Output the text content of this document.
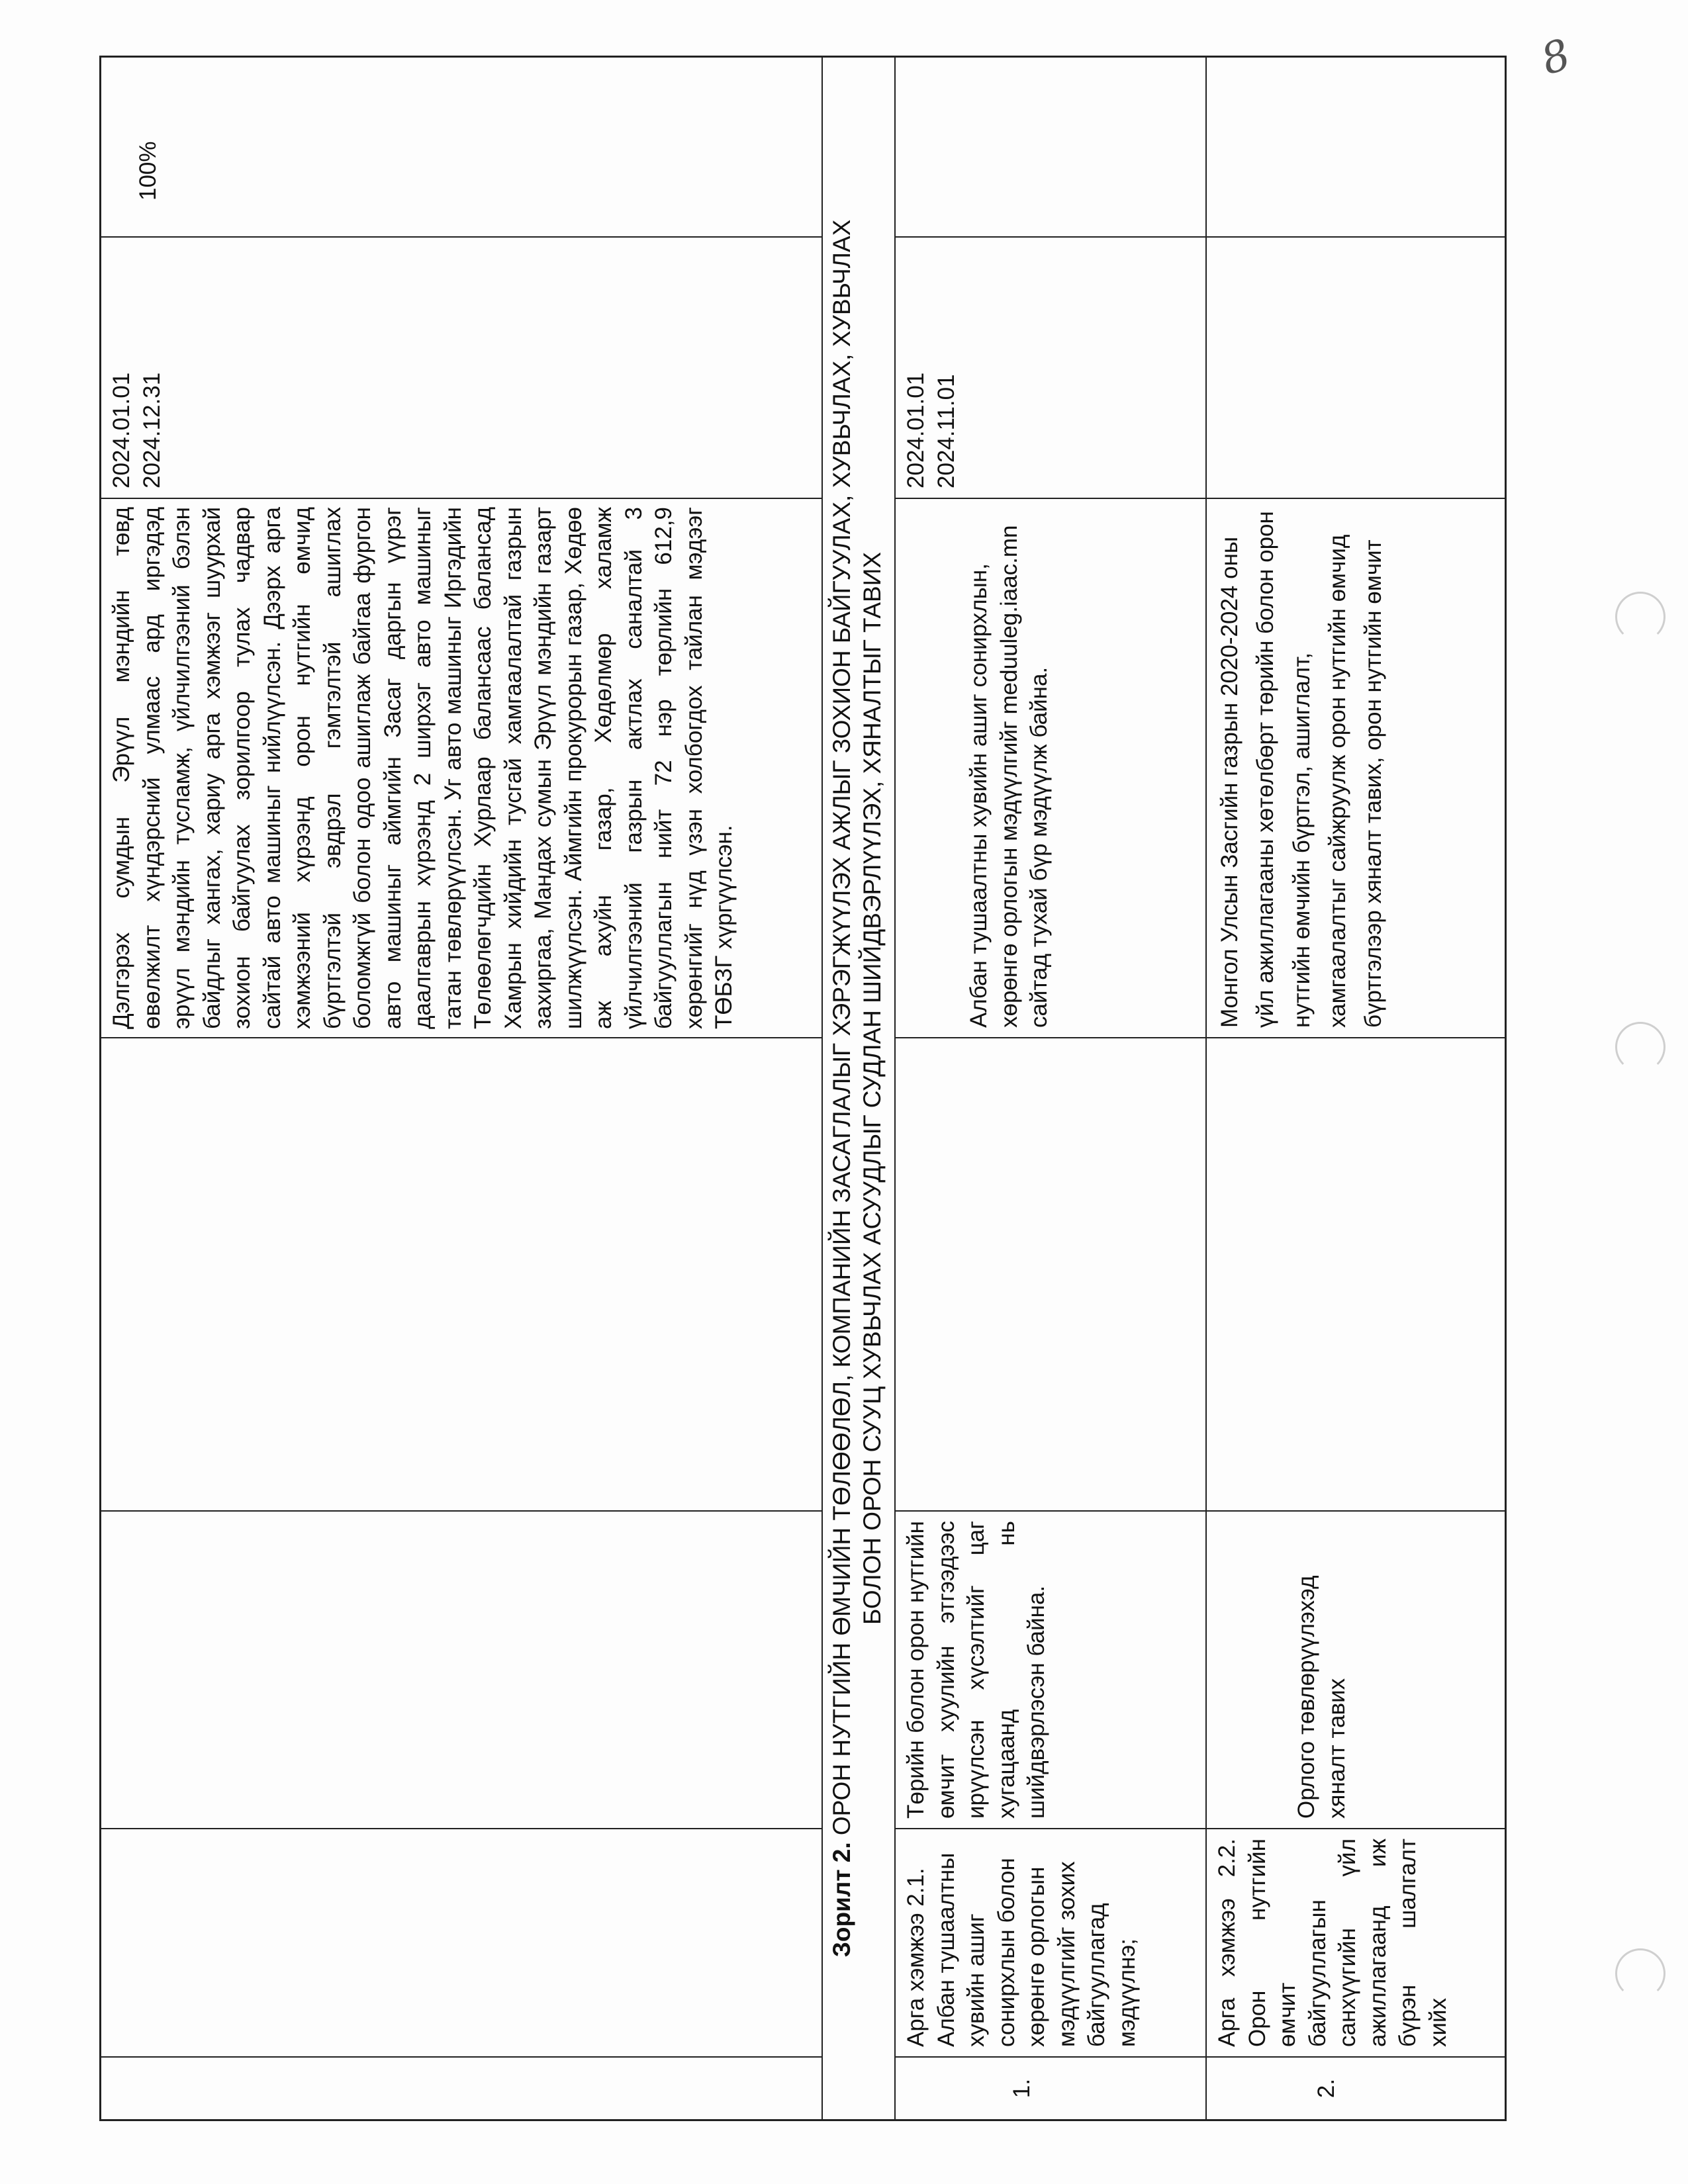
8
Дэлгэрэх сумдын Эрүүл мэндийн төвд өвөлжилт хүндэрсний улмаас ард иргэдэд эрүүл мэндийн тусламж, үйлчилгээний бэлэн байдлыг хангах, хариу арга хэмжээг шуурхай зохион байгуулах зорилгоор тулах чадвар сайтай авто машиныг нийлүүлсэн. Дээрх арга хэмжээний хүрээнд орон нутгийн өмчид бүртгэлтэй эвдрэл гэмтэлтэй ашиглах боломжгүй болон одоо ашиглаж байгаа фургон авто машиныг аймгийн Засаг даргын үүрэг даалгаврын хүрээнд 2 ширхэг авто машиныг татан төвлөрүүлсэн. Уг авто машиныг Иргэдийн Төлөөлөгчдийн Хурлаар балансаас балансад Хамрын хийдийн тусгай хамгаалалтай газрын захиргаа, Мандах сумын Эрүүл мэндийн газарт шилжүүлсэн. Аймгийн прокурорын газар, Хөдөө аж ахуйн газар, Хөдөлмөр халамж үйлчилгээний газрын актлах саналтай 3 байгууллагын нийт 72 нэр төрлийн 612,9 хөрөнгийг нүд үзэн холбогдох тайлан мэдээг ТӨБЗГ хүргүүлсэн.
2024.01.01 2024.12.31
100%
Зорилт 2. ОРОН НУТГИЙН ӨМЧИЙН ТӨЛӨӨЛӨЛ, КОМПАНИЙН ЗАСАГЛАЛЫГ ХЭРЭГЖҮҮЛЭХ АЖЛЫГ ЗОХИОН БАЙГУУЛАХ, ХУВЬЧЛАХ, ХУВЬЧЛАХ БОЛОН ОРОН СУУЦ ХУВЬЧЛАХ АСУУДЛЫГ СУДЛАН ШИЙДВЭРЛҮҮЛЭХ, ХЯНАЛТЫГ ТАВИХ
1.
Арга хэмжээ 2.1. Албан тушаалтны хувийн ашиг сонирхлын болон хөрөнгө орлогын мэдүүлгийг зохих байгууллагад мэдүүлнэ;
Төрийн болон орон нутгийн өмчит хуулийн этгээдээс ирүүлсэн хүсэлтийг цаг хугацаанд нь шийдвэрлэсэн байна.
Албан тушаалтны хувийн ашиг сонирхлын, хөрөнгө орлогын мэдүүлгийг meduuleg.iaac.mn сайтад тухай бүр мэдүүлж байна.
2024.01.01 2024.11.01
2.
Арга хэмжээ 2.2. Орон нутгийн өмчит байгууллагын санхүүгийн үйл ажиллагаанд иж бүрэн шалгалт хийх
Орлого төвлөрүүлэхэд хяналт тавих
Монгол Улсын Засгийн газрын 2020-2024 оны үйл ажиллагааны хөтөлбөрт төрийн болон орон нутгийн өмчийн бүртгэл, ашиглалт, хамгаалалтыг сайжруулж орон нутгийн өмчид бүртгэлээр хяналт тавих, орон нутгийн өмчит
